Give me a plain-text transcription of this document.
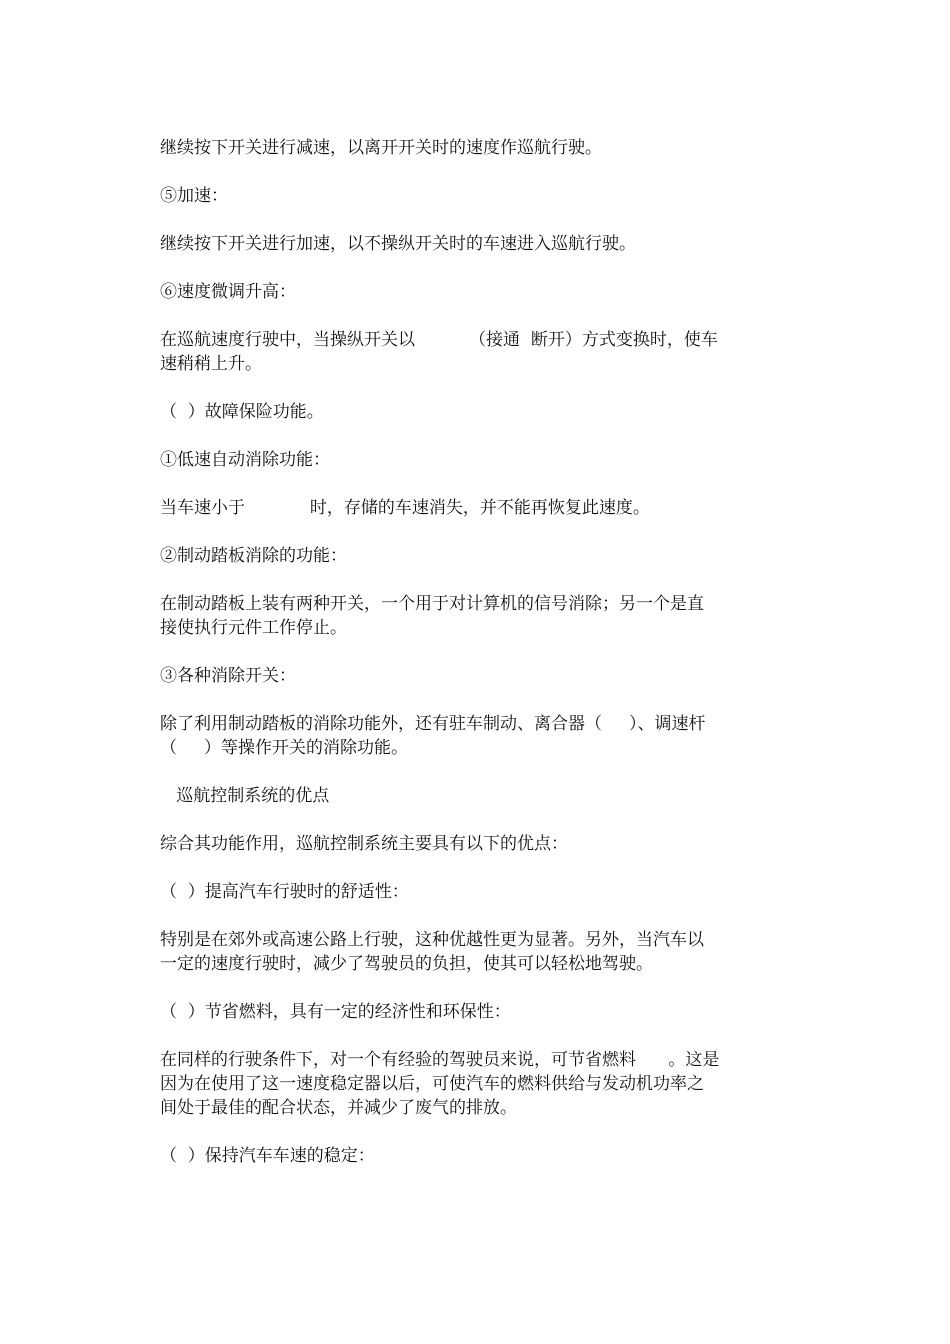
继续按下开关进行减速，以离开开关时的速度作巡航行驶。
⑤加速：
继续按下开关进行加速，以不操纵开关时的车速进入巡航行驶。
⑥速度微调升高：
在巡航速度行驶中，当操纵开关以          （接通  断开）方式变换时，使车
速稍稍上升。
（  ）故障保险功能。
①低速自动消除功能：
当车速小于            时，存储的车速消失，并不能再恢复此速度。
②制动踏板消除的功能：
在制动踏板上装有两种开关，一个用于对计算机的信号消除；另一个是直
接使执行元件工作停止。
③各种消除开关：
除了利用制动踏板的消除功能外，还有驻车制动、离合器（     ）、调速杆
（     ）等操作开关的消除功能。
巡航控制系统的优点
综合其功能作用，巡航控制系统主要具有以下的优点：
（  ）提高汽车行驶时的舒适性：
特别是在郊外或高速公路上行驶，这种优越性更为显著。另外，当汽车以
一定的速度行驶时，减少了驾驶员的负担，使其可以轻松地驾驶。
（  ）节省燃料，具有一定的经济性和环保性：
在同样的行驶条件下，对一个有经验的驾驶员来说，可节省燃料      。这是
因为在使用了这一速度稳定器以后，可使汽车的燃料供给与发动机功率之
间处于最佳的配合状态，并减少了废气的排放。
（  ）保持汽车车速的稳定：
